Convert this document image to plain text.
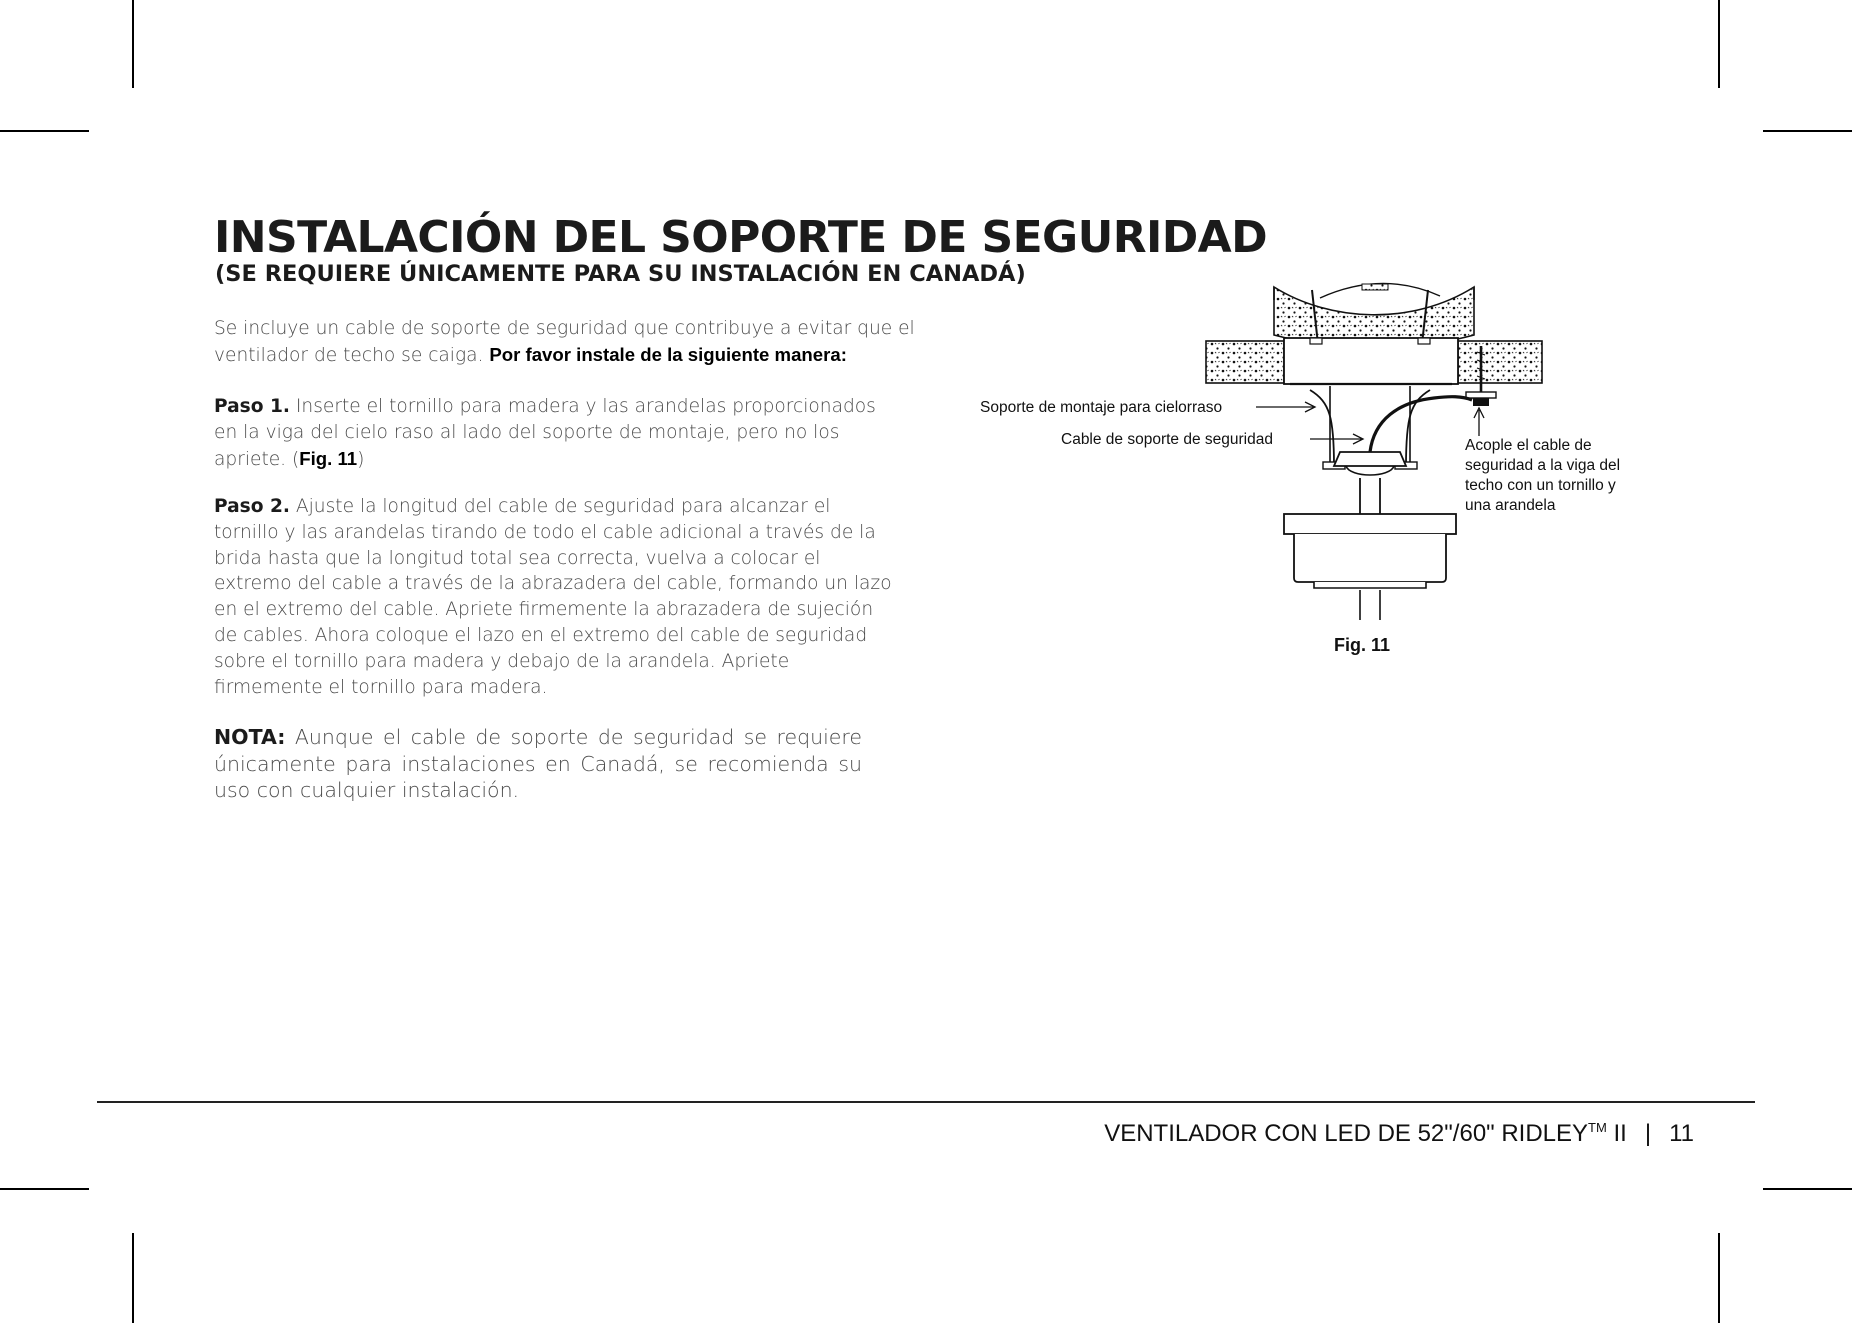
INSTALACIÓN DEL SOPORTE DE SEGURIDAD
(SE REQUIERE ÚNICAMENTE PARA SU INSTALACIÓN EN CANADÁ)

Se incluye un cable de soporte de seguridad que contribuye a evitar que el ventilador de techo se caiga. Por favor instale de la siguiente manera:

Paso 1. Inserte el tornillo para madera y las arandelas proporcionados en la viga del cielo raso al lado del soporte de montaje, pero no los apriete. (Fig. 11)

Paso 2. Ajuste la longitud del cable de seguridad para alcanzar el tornillo y las arandelas tirando de todo el cable adicional a través de la brida hasta que la longitud total sea correcta, vuelva a colocar el extremo del cable a través de la abrazadera del cable, formando un lazo en el extremo del cable. Apriete firmemente la abrazadera de sujeción de cables. Ahora coloque el lazo en el extremo del cable de seguridad sobre el tornillo para madera y debajo de la arandela. Apriete firmemente el tornillo para madera.

NOTA: Aunque el cable de soporte de seguridad se requiere únicamente para instalaciones en Canadá, se recomienda su uso con cualquier instalación.

Soporte de montaje para cielorraso
Cable de soporte de seguridad	Acople el cable de
seguridad a la viga del
techo con un tornillo y
una arandela
Fig. 11

VENTILADOR CON LED DE 52"/60" RIDLEY™ II | 11
